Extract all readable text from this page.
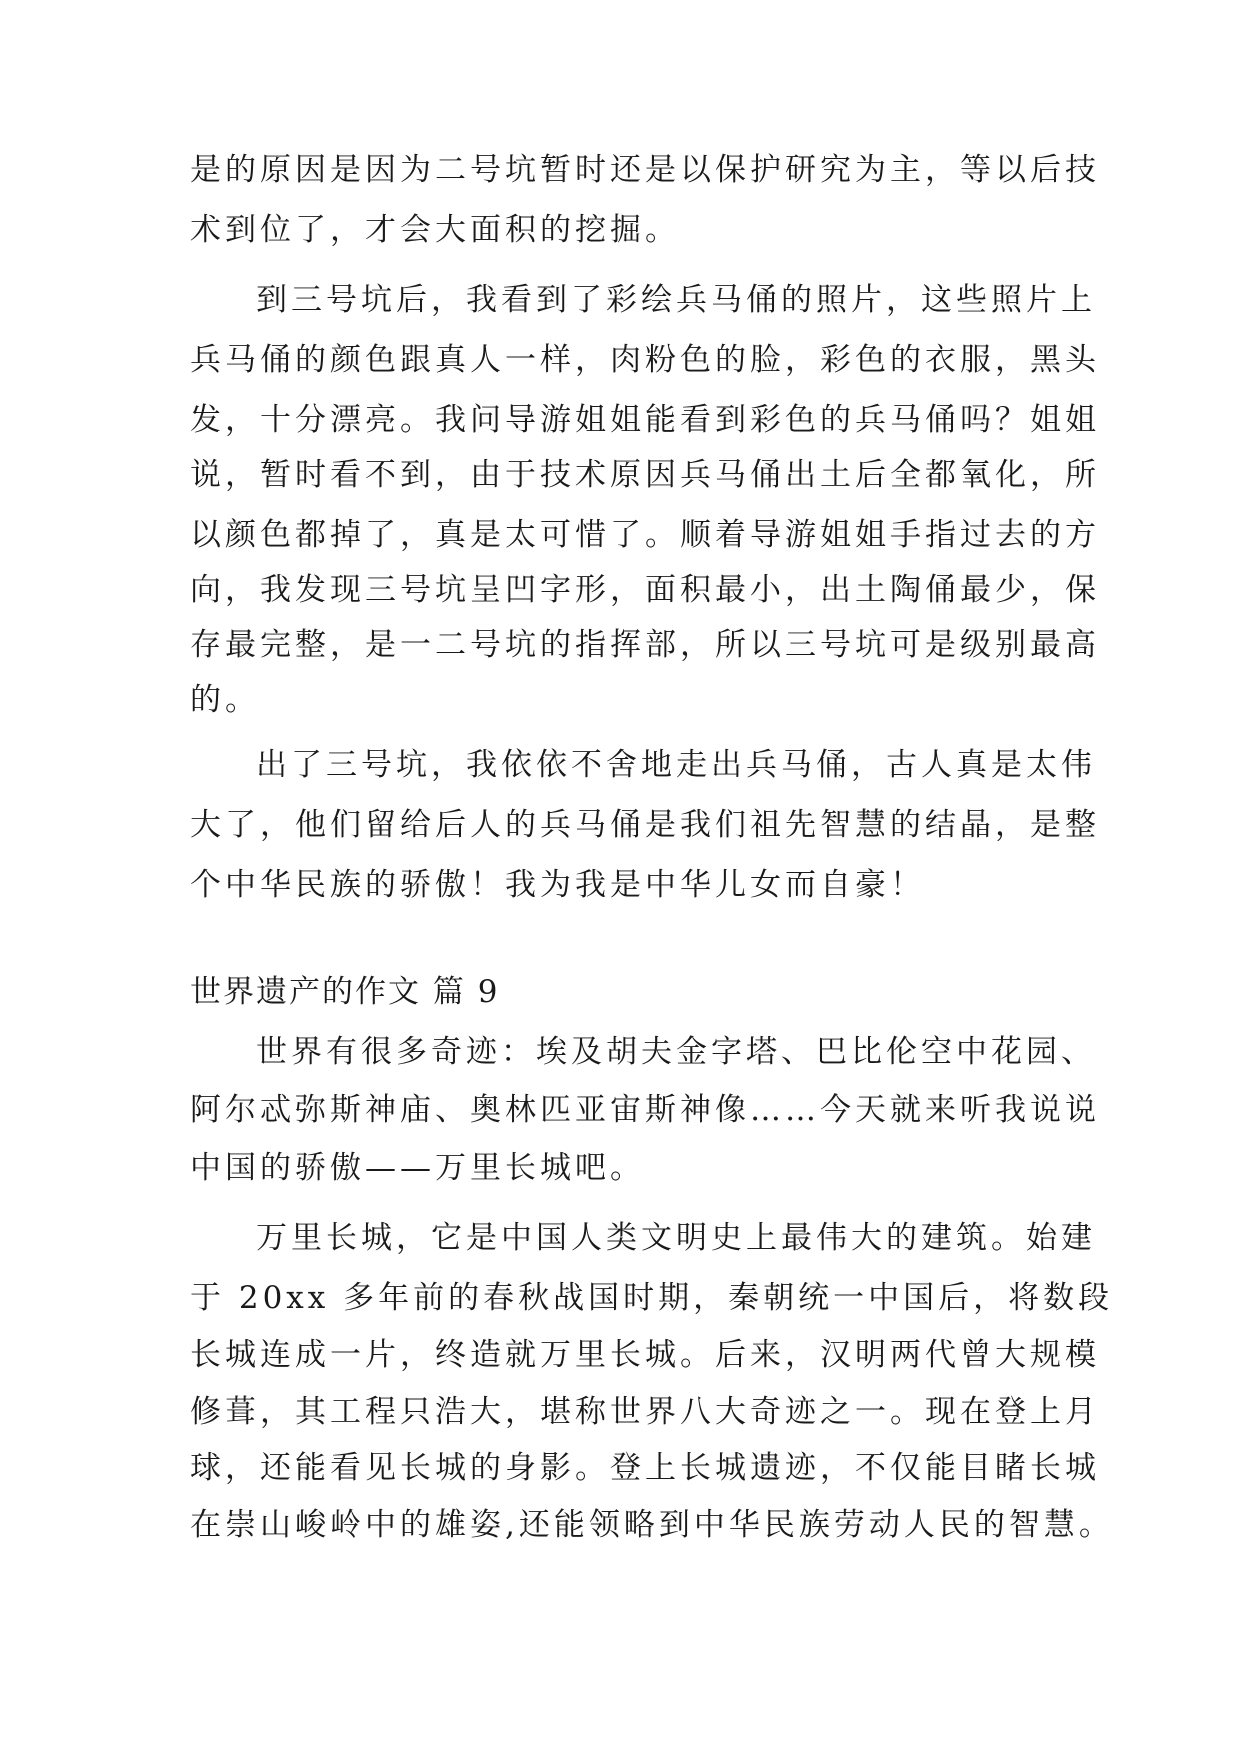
是的原因是因为二号坑暂时还是以保护研究为主，等以后技
术到位了，才会大面积的挖掘。
到三号坑后，我看到了彩绘兵马俑的照片，这些照片上
兵马俑的颜色跟真人一样，肉粉色的脸，彩色的衣服，黑头
发，十分漂亮。我问导游姐姐能看到彩色的兵马俑吗？姐姐
说，暂时看不到，由于技术原因兵马俑出土后全都氧化，所
以颜色都掉了，真是太可惜了。顺着导游姐姐手指过去的方
向，我发现三号坑呈凹字形，面积最小，出土陶俑最少，保
存最完整，是一二号坑的指挥部，所以三号坑可是级别最高
的。
出了三号坑，我依依不舍地走出兵马俑，古人真是太伟
大了，他们留给后人的兵马俑是我们祖先智慧的结晶，是整
个中华民族的骄傲！我为我是中华儿女而自豪！
世界遗产的作文 篇 9
世界有很多奇迹：埃及胡夫金字塔、巴比伦空中花园、
阿尔忒弥斯神庙、奥林匹亚宙斯神像……今天就来听我说说
中国的骄傲——万里长城吧。
万里长城，它是中国人类文明史上最伟大的建筑。始建
于 20xx 多年前的春秋战国时期，秦朝统一中国后，将数段
长城连成一片，终造就万里长城。后来，汉明两代曾大规模
修葺，其工程只浩大，堪称世界八大奇迹之一。现在登上月
球，还能看见长城的身影。登上长城遗迹，不仅能目睹长城
在崇山峻岭中的雄姿,还能领略到中华民族劳动人民的智慧。
